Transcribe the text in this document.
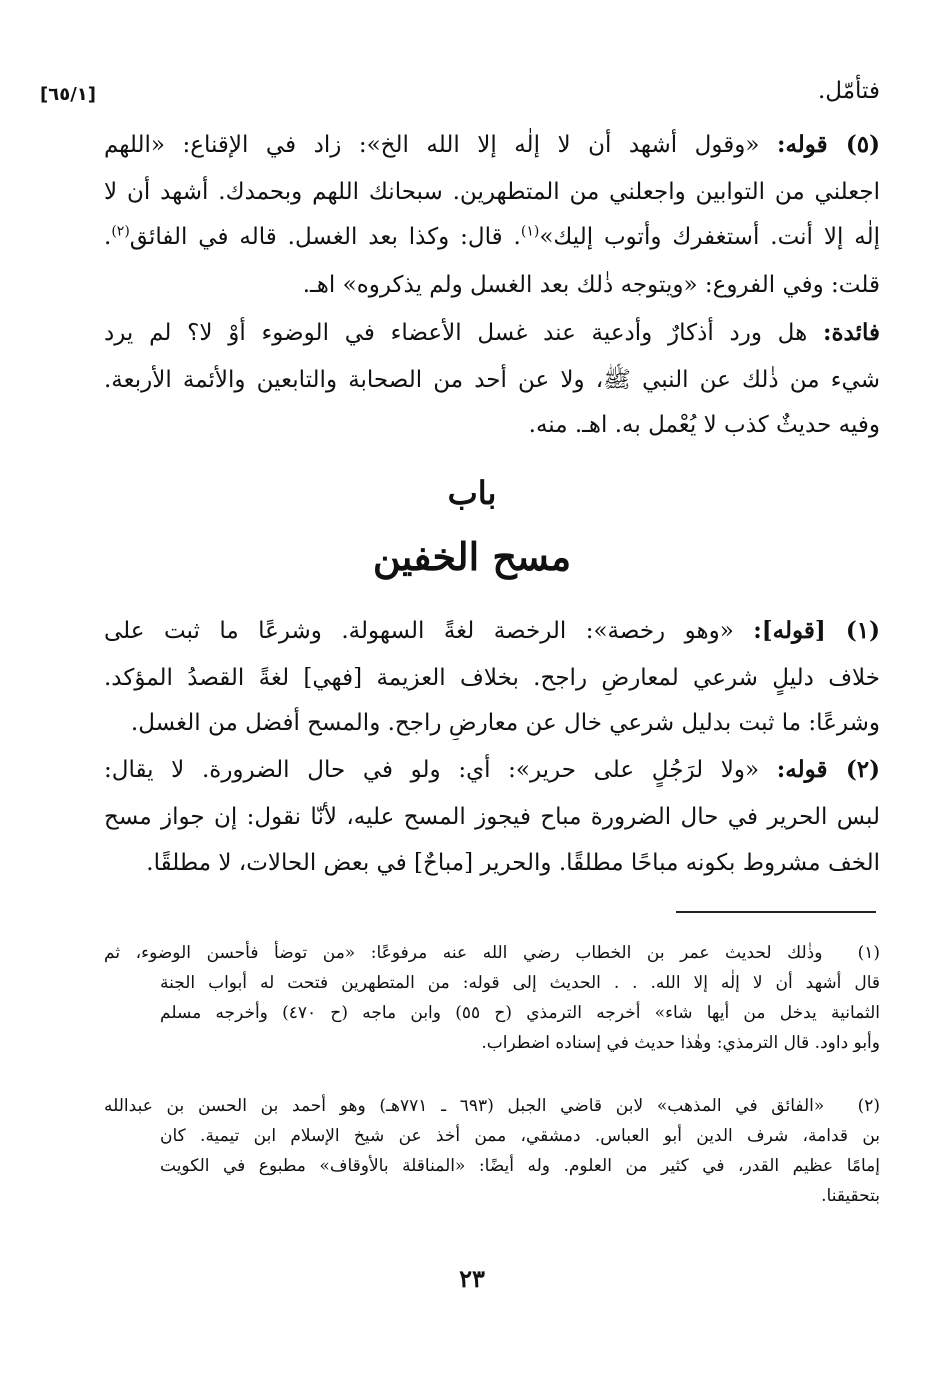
[٦٥/١]	فتأمّل.
(٥) قوله: «وقول أشهد أن لا إلٰه إلا الله الخ»: زاد في الإقناع: «اللهم
اجعلني من التوابين واجعلني من المتطهرين. سبحانك اللهم وبحمدك. أشهد أن لا
إلٰه إلا أنت. أستغفرك وأتوب إليك»$^{(١)}$. قال: وكذا بعد الغسل. قاله في الفائق$^{(٢)}$.
قلت: وفي الفروع: «ويتوجه ذٰلك بعد الغسل ولم يذكروه» اهـ.
فائدة: هل ورد أذكارٌ وأدعية عند غسل الأعضاء في الوضوء أوْ لا؟ لم يرد
شيء من ذٰلك عن النبي ﷺ، ولا عن أحد من الصحابة والتابعين والأئمة الأربعة.
وفيه حديثٌ كذب لا يُعْمل به. اهـ. منه.
باب
مسح الخفين
(١) [قوله]: «وهو رخصة»: الرخصة لغةً السهولة. وشرعًا ما ثبت على
خلاف دليلٍ شرعي لمعارضٍ راجح. بخلاف العزيمة [فهي] لغةً القصدُ المؤكد.
وشرعًا: ما ثبت بدليل شرعي خال عن معارضٍ راجح. والمسح أفضل من الغسل.
(٢) قوله: «ولا لرَجُلٍ على حرير»: أي: ولو في حال الضرورة. لا يقال:
لبس الحرير في حال الضرورة مباح فيجوز المسح عليه، لأنّا نقول: إن جواز مسح
الخف مشروط بكونه مباحًا مطلقًا. والحرير [مباحٌ] في بعض الحالات، لا مطلقًا.
(١) وذٰلك لحديث عمر بن الخطاب رضي الله عنه مرفوعًا: «من توضأ فأحسن الوضوء، ثم
قال أشهد أن لا إلٰه إلا الله. . . الحديث إلى قوله: من المتطهرين فتحت له أبواب الجنة
الثمانية يدخل من أيها شاء» أخرجه الترمذي (ح ٥٥) وابن ماجه (ح ٤٧٠) وأخرجه مسلم
وأبو داود. قال الترمذي: وهٰذا حديث في إسناده اضطراب.
(٢) «الفائق في المذهب» لابن قاضي الجبل (٦٩٣ ـ ٧٧١هـ) وهو أحمد بن الحسن بن عبدالله
بن قدامة، شرف الدين أبو العباس. دمشقي، ممن أخذ عن شيخ الإسلام ابن تيمية. كان
إمامًا عظيم القدر، في كثير من العلوم. وله أيضًا: «المناقلة بالأوقاف» مطبوع في الكويت
بتحقيقنا.
٢٣
